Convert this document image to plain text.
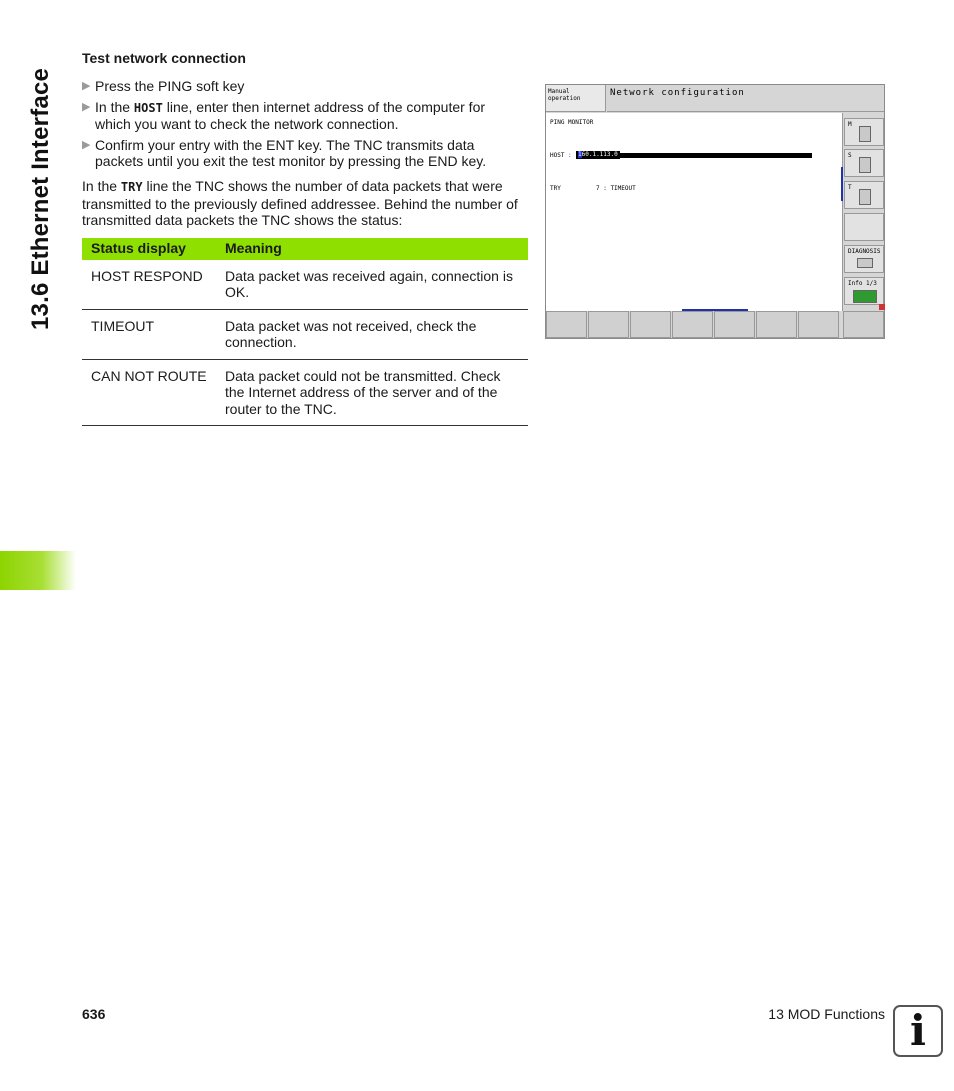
13.6 Ethernet Interface
Test network connection
▶ Press the PING soft key
▶ In the HOST line, enter then internet address of the computer for which you want to check the network connection.
▶ Confirm your entry with the ENT key. The TNC transmits data packets until you exit the test monitor by pressing the END key.
In the TRY line the TNC shows the number of data packets that were transmitted to the previously defined addressee. Behind the number of transmitted data packets the TNC shows the status:
Status display	Meaning
HOST RESPOND	Data packet was received again, connection is OK.
TIMEOUT	Data packet was not received, check the connection.
CAN NOT ROUTE	Data packet could not be transmitted. Check the Internet address of the server and of the router to the TNC.
Manual
operation
Network configuration
PING MONITOR
HOST :	160.1.113.0
TRY	7 : TIMEOUT
M
S
T
DIAGNOSIS
Info 1/3
636	13 MOD Functions i
